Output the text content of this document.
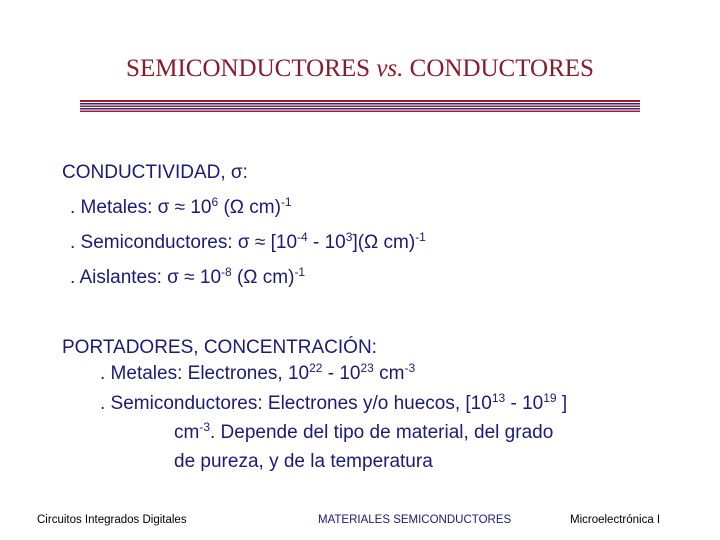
SEMICONDUCTORES vs. CONDUCTORES
CONDUCTIVIDAD, σ:
. Metales: $\sigma \approx 10^6$ (Ω cm)$^{-1}$
. Semiconductores: $\sigma \approx [10^{-4} - 10^3](\Omega$ cm)$^{-1}$
. Aislantes: $\sigma \approx 10^{-8}$ (Ω cm)$^{-1}$
PORTADORES, CONCENTRACIÓN:
. Metales: Electrones, $10^{22} - 10^{23}$ $cm^{-3}$
. Semiconductores: Electrones y/o huecos, [$10^{13} - 10^{19}$ ]
$cm^{-3}$. Depende del tipo de material, del grado
de pureza, y de la temperatura
Circuitos Integrados Digitales	MATERIALES SEMICONDUCTORES	Microelectrónica I
